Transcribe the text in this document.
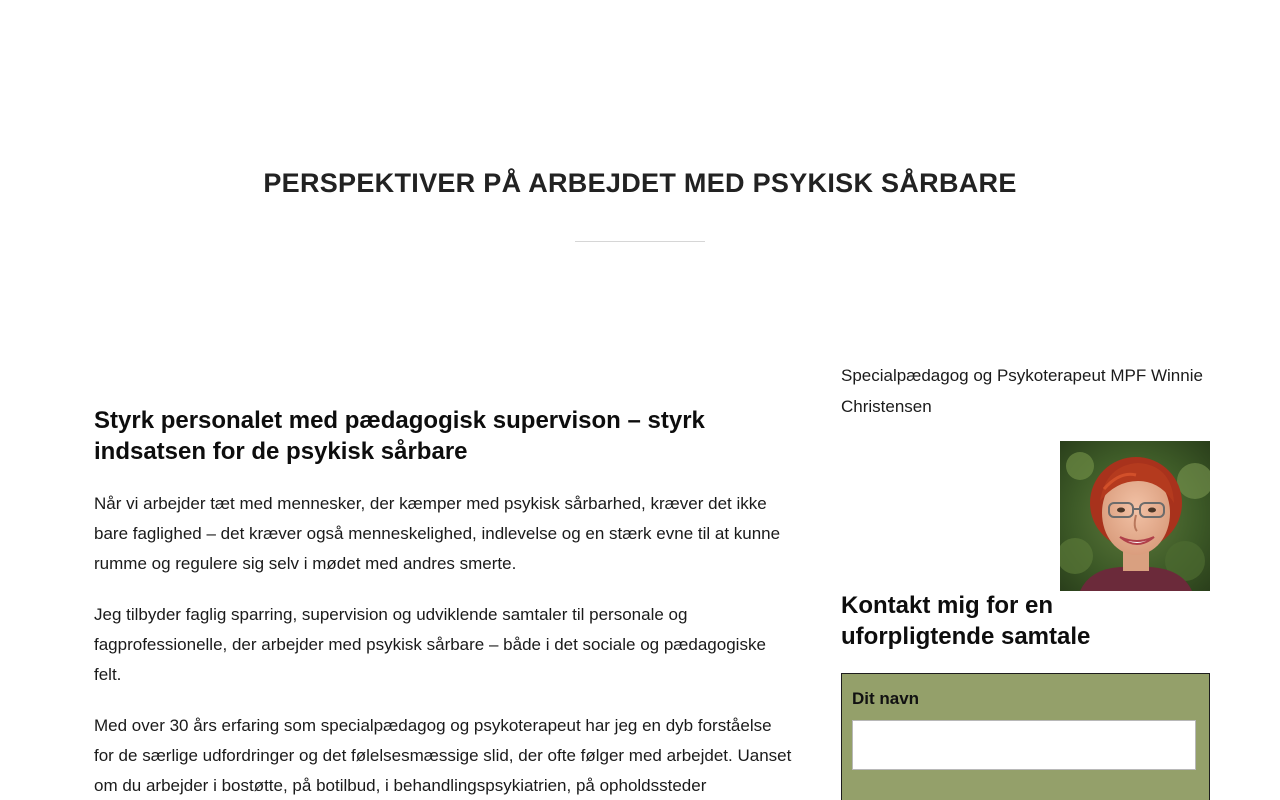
PERSPEKTIVER PÅ ARBEJDET MED PSYKISK SÅRBARE
Styrk personalet med pædagogisk supervison – styrk indsatsen for de psykisk sårbare

Når vi arbejder tæt med mennesker, der kæmper med psykisk sårbarhed, kræver det ikke bare faglighed – det kræver også menneskelighed, indlevelse og en stærk evne til at kunne rumme og regulere sig selv i mødet med andres smerte.

Jeg tilbyder faglig sparring, supervision og udviklende samtaler til personale og fagprofessionelle, der arbejder med psykisk sårbare – både i det sociale og pædagogiske felt.

Med over 30 års erfaring som specialpædagog og psykoterapeut har jeg en dyb forståelse for de særlige udfordringer og det følelsesmæssige slid, der ofte følger med arbejdet. Uanset om du arbejder i bostøtte, på botilbud, i behandlingspsykiatrien, på opholdssteder

Specialpædagog og Psykoterapeut MPF Winnie Christensen

Kontakt mig for en uforpligtende samtale
Dit navn
